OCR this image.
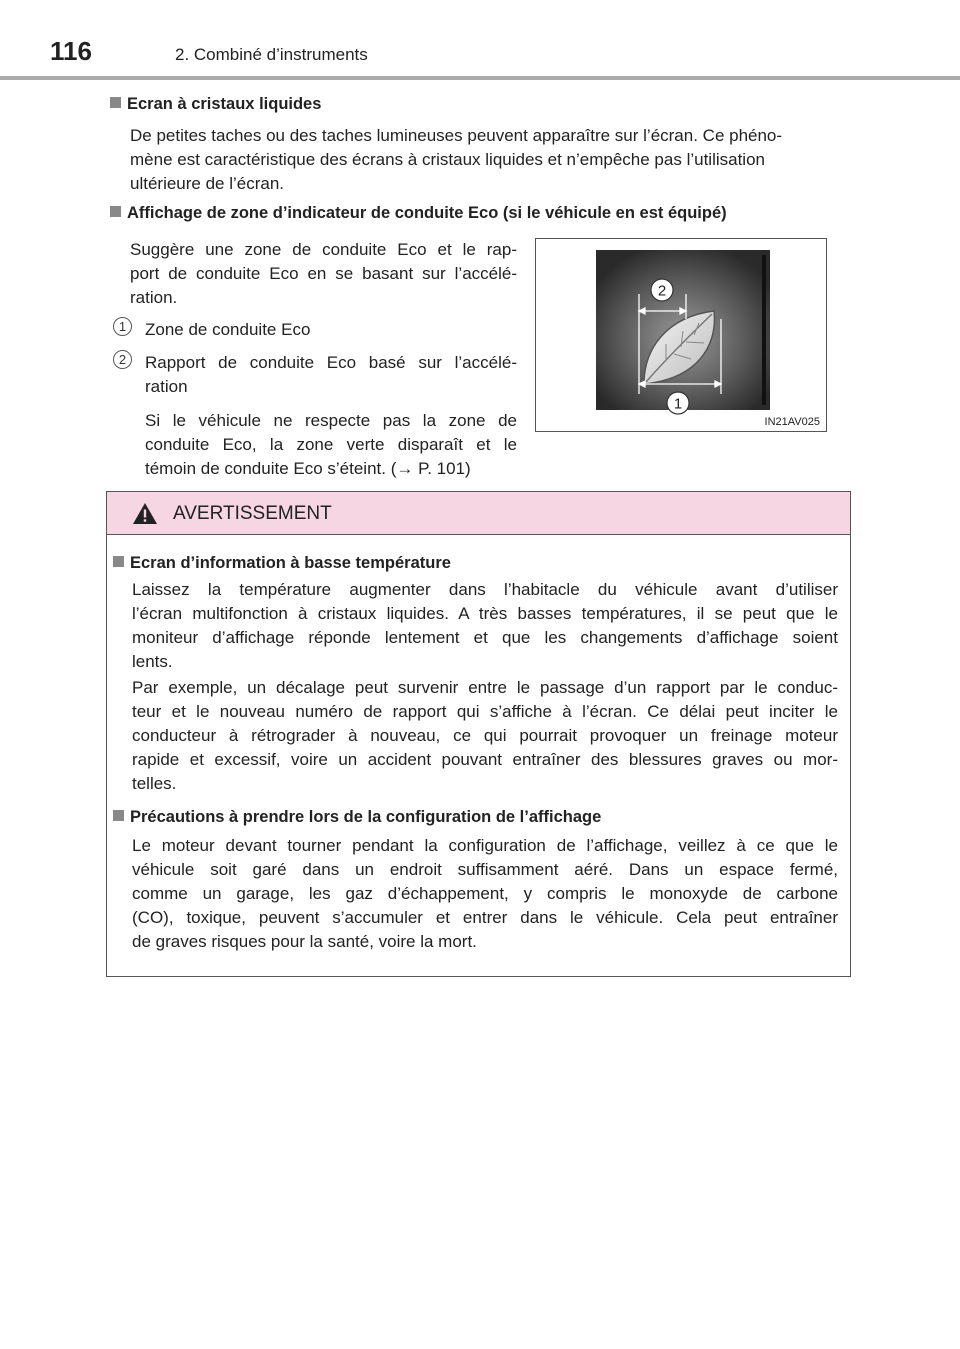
116	2. Combiné d’instruments
Ecran à cristaux liquides
De petites taches ou des taches lumineuses peuvent apparaître sur l’écran. Ce phéno-
mène est caractéristique des écrans à cristaux liquides et n’empêche pas l’utilisation
ultérieure de l’écran.
Affichage de zone d’indicateur de conduite Eco (si le véhicule en est équipé)
Suggère une zone de conduite Eco et le rap-
port de conduite Eco en se basant sur l’accélé-
ration.
1	Zone de conduite Eco
2	Rapport de conduite Eco basé sur l’accélé-
ration
Si le véhicule ne respecte pas la zone de
conduite Eco, la zone verte disparaît et le
témoin de conduite Eco s’éteint. (→ P. 101)
2
1
IN21AV025
AVERTISSEMENT
Ecran d’information à basse température
Laissez la température augmenter dans l’habitacle du véhicule avant d’utiliser
l’écran multifonction à cristaux liquides. A très basses températures, il se peut que le
moniteur d’affichage réponde lentement et que les changements d’affichage soient
lents.
Par exemple, un décalage peut survenir entre le passage d’un rapport par le conduc-
teur et le nouveau numéro de rapport qui s’affiche à l’écran. Ce délai peut inciter le
conducteur à rétrograder à nouveau, ce qui pourrait provoquer un freinage moteur
rapide et excessif, voire un accident pouvant entraîner des blessures graves ou mor-
telles.
Précautions à prendre lors de la configuration de l’affichage
Le moteur devant tourner pendant la configuration de l’affichage, veillez à ce que le
véhicule soit garé dans un endroit suffisamment aéré. Dans un espace fermé,
comme un garage, les gaz d’échappement, y compris le monoxyde de carbone
(CO), toxique, peuvent s’accumuler et entrer dans le véhicule. Cela peut entraîner
de graves risques pour la santé, voire la mort.
